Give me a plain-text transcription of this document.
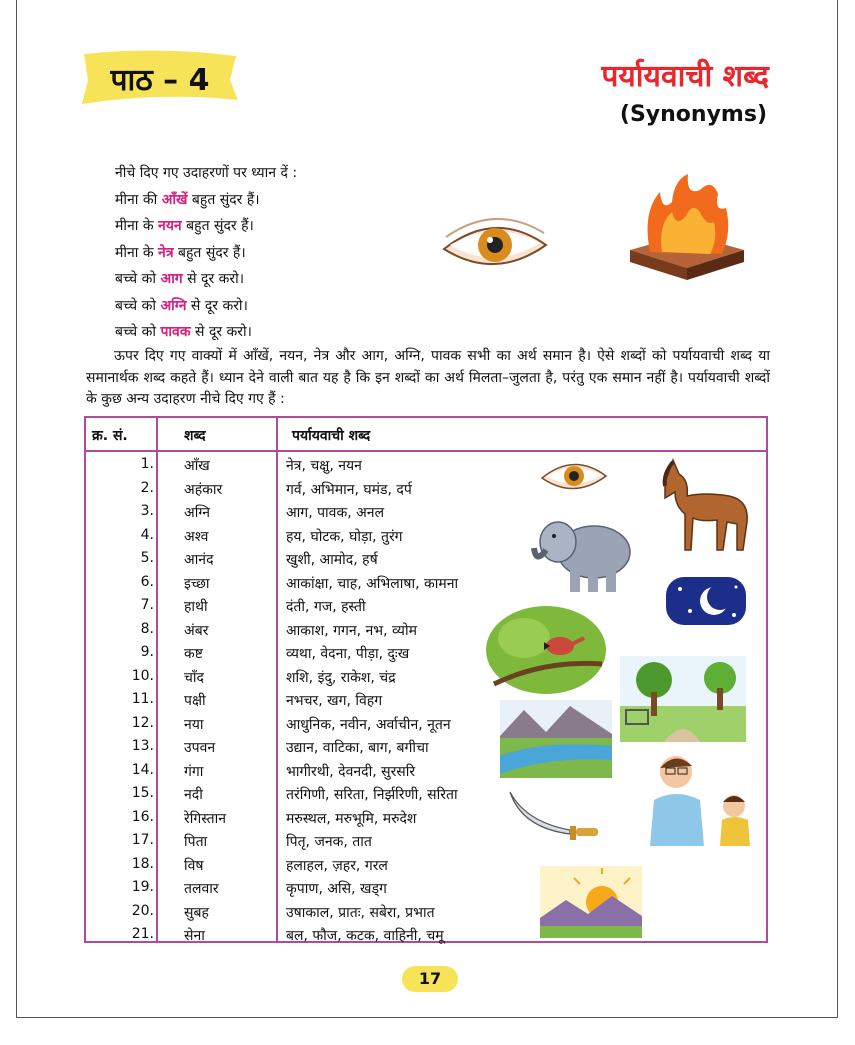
पाठ – 4	पर्यायवाची शब्द
(Synonyms)
नीचे दिए गए उदाहरणों पर ध्यान दें :
मीना की आँखें बहुत सुंदर हैं।
मीना के नयन बहुत सुंदर हैं।
मीना के नेत्र बहुत सुंदर हैं।
बच्चे को आग से दूर करो।
बच्चे को अग्नि से दूर करो।
बच्चे को पावक से दूर करो।
ऊपर दिए गए वाक्यों में आँखें, नयन, नेत्र और आग, अग्नि, पावक सभी का अर्थ समान है। ऐसे शब्दों को पर्यायवाची शब्द या समानार्थक शब्द कहते हैं। ध्यान देने वाली बात यह है कि इन शब्दों का अर्थ मिलता–जुलता है, परंतु एक समान नहीं है। पर्यायवाची शब्दों के कुछ अन्य उदाहरण नीचे दिए गए हैं :
क्र. सं.	शब्द	पर्यायवाची शब्द
1. आँख	नेत्र, चक्षु, नयन
2. अहंकार	गर्व, अभिमान, घमंड, दर्प
3. अग्नि	आग, पावक, अनल
4. अश्व	हय, घोटक, घोड़ा, तुरंग
5. आनंद	खुशी, आमोद, हर्ष
6. इच्छा	आकांक्षा, चाह, अभिलाषा, कामना
7. हाथी	दंती, गज, हस्ती
8. अंबर	आकाश, गगन, नभ, व्योम
9. कष्ट	व्यथा, वेदना, पीड़ा, दुःख
10. चाँद	शशि, इंदु, राकेश, चंद्र
11. पक्षी	नभचर, खग, विहग
12. नया	आधुनिक, नवीन, अर्वाचीन, नूतन
13. उपवन	उद्यान, वाटिका, बाग, बगीचा
14. गंगा	भागीरथी, देवनदी, सुरसरि
15. नदी	तरंगिणी, सरिता, निर्झरिणी, सरिता
16. रेगिस्तान	मरुस्थल, मरुभूमि, मरुदेश
17. पिता	पितृ, जनक, तात
18. विष	हलाहल, ज़हर, गरल
19. तलवार	कृपाण, असि, खड्ग
20. सुबह	उषाकाल, प्रातः, सबेरा, प्रभात
21. सेना	बल, फौज, कटक, वाहिनी, चमू
17
